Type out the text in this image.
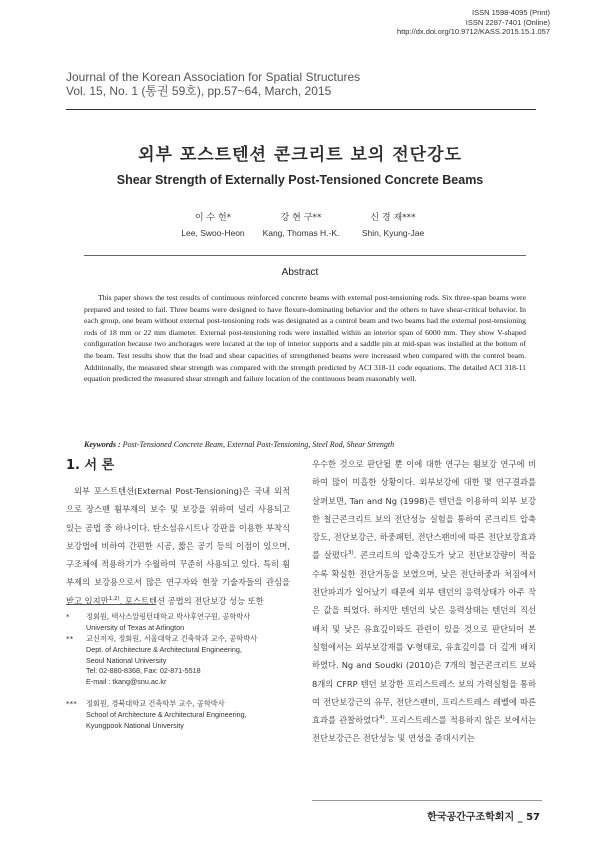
ISSN 1598-4095 (Print)
ISSN 2287-7401 (Online)
http://dx.doi.org/10.9712/KASS.2015.15.1.057
Journal of the Korean Association for Spatial Structures
Vol. 15, No. 1 (통권 59호), pp.57~64, March, 2015
외부 포스트텐션 콘크리트 보의 전단강도
Shear Strength of Externally Post-Tensioned Concrete Beams
이 수 헌*
Lee, Swoo-Heon
강 현 구**
Kang, Thomas H.-K.
신 경 재***
Shin, Kyung-Jae
Abstract

This paper shows the test results of continuous reinforced concrete beams with external post-tensioning rods. Six three-span beams were prepared and tested to fail. Three beams were designed to have flexure-dominating behavior and the others to have shear-critical behavior. In each group, one beam without external post-tensioning rods was designated as a control beam and two beams had the external post-tensioning rods of 18 mm or 22 mm diameter. External post-tensioning rods were installed within an interior span of 6000 mm. They show V-shaped configuration because two anchorages were located at the top of interior supports and a saddle pin at mid-span was installed at the bottom of the beam. Test results show that the load and shear capacities of strengthened beams were increased when compared with the control beam. Additionally, the measured shear strength was compared with the strength predicted by ACI 318-11 code equations. The detailed ACI 318-11 equation predicted the measured shear strength and failure location of the continuous beam reasonably well.

Keywords : Post-Tensioned Concrete Beam, External Post-Tensioning, Steel Rod, Shear Strength
1. 서 론

외부 포스트텐션(External Post-Tensioning)은 국내 외적으로 장스팬 휨부재의 보수 및 보강을 위하여 널리 사용되고 있는 공법 중 하나이다. 탄소섬유시트나 강판을 이용한 부착식 보강법에 비하여 간편한 시공, 짧은 공기 등의 이점이 있으며, 구조체에 적용하기가 수월하여 꾸준히 사용되고 있다. 특히 휨부제의 보강용으로서 많은 연구자와 현장 기술자들의 관심을 받고 있지만$^{1,2)}$, 포스트텐션 공법의 전단보강 성능 또한

* 정회원, 텍사스알링턴대학교 박사후연구원, 공학박사
University of Texas at Arlington
** 교신저자, 정회원, 서울대학교 건축학과 교수, 공학박사
Dept. of Architecture & Architectural Engineering,
Seoul National University
Tel: 02-880-8368, Fax: 02-871-5518
E-mail : tkang@snu.ac.kr
*** 정회원, 경북대학교 건축학부 교수, 공학박사
School of Architecture & Architectural Engineering,
Kyungpook National University

우수한 것으로 판단될 뿐 이에 대한 연구는 휨보강 연구에 비하여 많이 미흡한 상황이다. 외부보강에 대한 몇 연구결과를 살펴보면, Tan and Ng (1998)은 텐던을 이용하여 외부 보강한 철근콘크리트 보의 전단성능 실험을 통하여 콘크리트 압축강도, 전단보강근, 하중패턴, 전단스팬비에 따른 전단보강효과를 살폈다$^{3)}$. 콘크리트의 압축강도가 낮고 전단보강량이 적을수록 확실한 전단거동을 보였으며, 낮은 전단하중과 처짐에서 전단파괴가 일어났기 때문에 외부 텐던의 응력상태가 아주 작은 값을 띄었다. 하지만 텐던의 낮은 응력상태는 텐던의 직선 배치 및 낮은 유효깊이와도 관련이 있을 것으로 판단되어 본 실험에서는 외부보강재를 V-형태로, 유효깊이를 더 깊게 배치하였다. Ng and Soudki (2010)은 7개의 철근콘크리트 보와 8개의 CFRP 텐던 보강한 프리스트레스 보의 가력실험을 통하여 전단보강근의 유무, 전단스팬비, 프리스트레스 레벨에 따른 효과를 관찰하였다$^{4)}$. 프리스트레스를 적용하지 않은 보에서는 전단보강근은 전단성능 및 연성을 증대시키는

한국공간구조학회지 _ 57
